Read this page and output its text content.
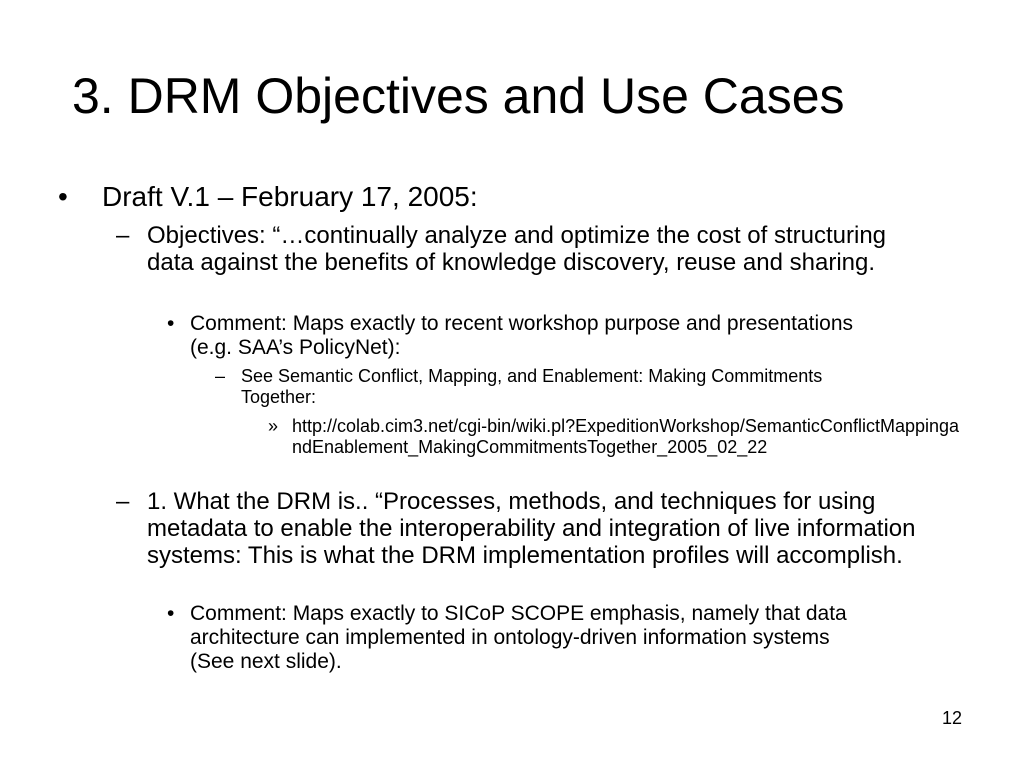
3. DRM Objectives and Use Cases
•	Draft V.1 – February 17, 2005:
– Objectives: “…continually analyze and optimize the cost of structuring data against the benefits of knowledge discovery, reuse and sharing.
• Comment: Maps exactly to recent workshop purpose and presentations (e.g. SAA’s PolicyNet):
– See Semantic Conflict, Mapping, and Enablement: Making Commitments Together:
» http://colab.cim3.net/cgi-bin/wiki.pl?ExpeditionWorkshop/SemanticConflictMappingandEnablement_MakingCommitmentsTogether_2005_02_22
– 1. What the DRM is.. “Processes, methods, and techniques for using metadata to enable the interoperability and integration of live information systems: This is what the DRM implementation profiles will accomplish.
• Comment: Maps exactly to SICoP SCOPE emphasis, namely that data architecture can implemented in ontology-driven information systems (See next slide).
12
